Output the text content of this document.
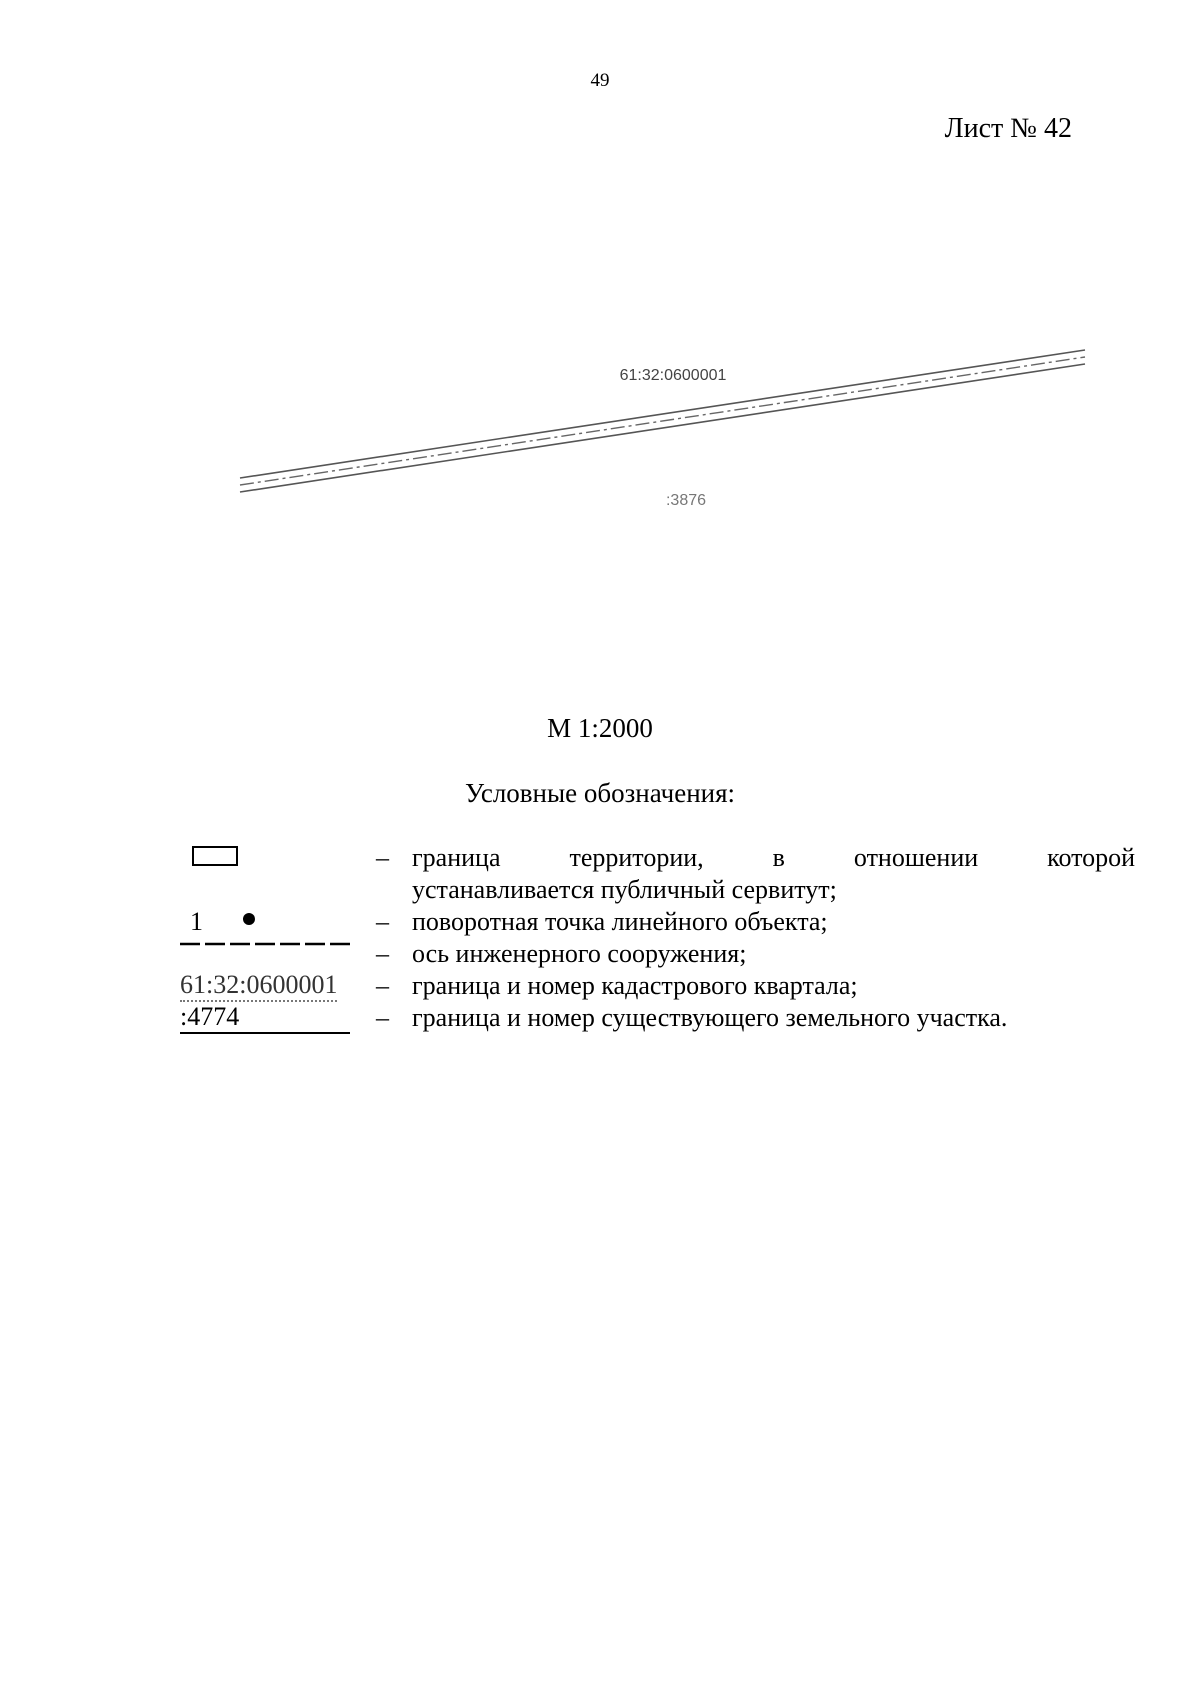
49
Лист № 42
61:32:0600001
:3876
М 1:2000
Условные обозначения:
– граница	территории,	в	отношении	которой
устанавливается публичный сервитут;
1	– поворотная точка линейного объекта;
– ось инженерного сооружения;
61:32:0600001 – граница и номер кадастрового квартала;
:4774	– граница и номер существующего земельного участка.
